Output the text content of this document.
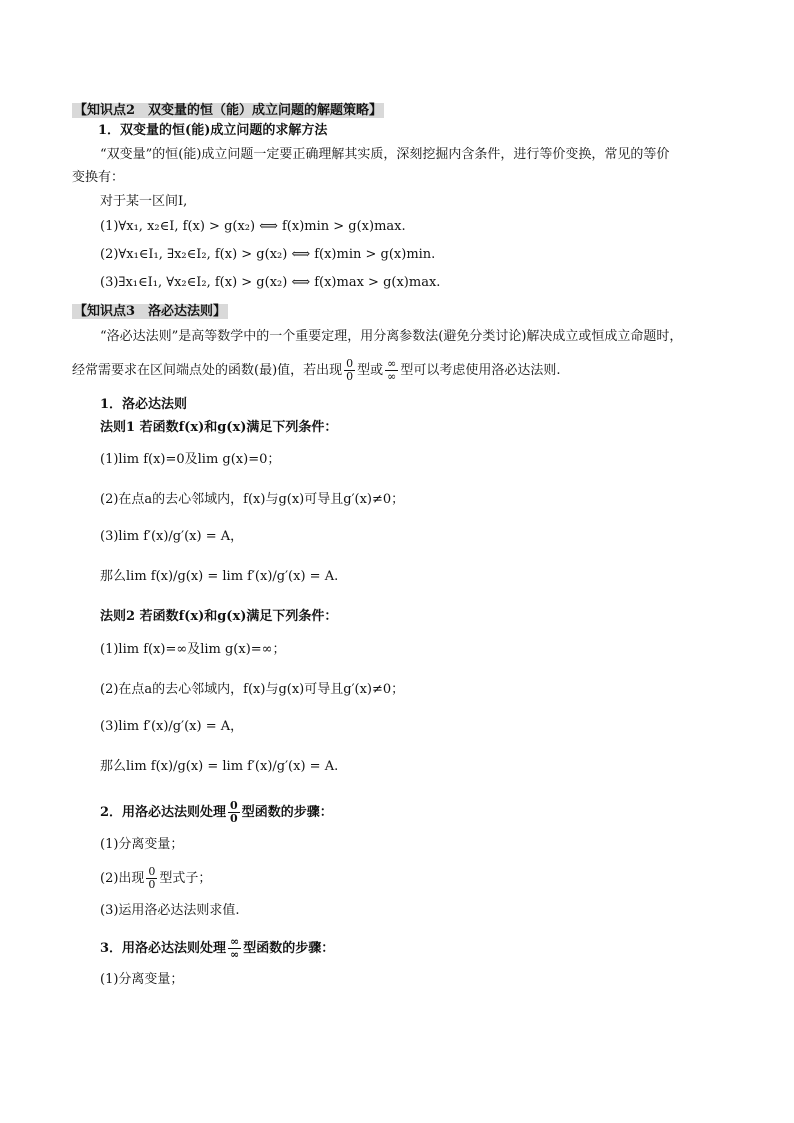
【知识点2　双变量的恒（能）成立问题的解题策略】
1．双变量的恒(能)成立问题的求解方法
“双变量”的恒(能)成立问题一定要正确理解其实质，深刻挖掘内含条件，进行等价变换，常见的等价
变换有：
对于某一区间I,
(1)∀x₁, x₂∈I, f(x) > g(x₂) ⟺ f(x)min > g(x)max.
(2)∀x₁∈I₁, ∃x₂∈I₂, f(x) > g(x₂) ⟺ f(x)min > g(x)min.
(3)∃x₁∈I₁, ∀x₂∈I₂, f(x) > g(x₂) ⟺ f(x)max > g(x)max.
【知识点3　洛必达法则】
“洛必达法则”是高等数学中的一个重要定理，用分离参数法(避免分类讨论)解决成立或恒成立命题时，
经常需要求在区间端点处的函数(最)值，若出现 $\frac{0}{0}$ 型或 $\frac{\infty}{\infty}$ 型可以考虑使用洛必达法则.
1．洛必达法则
法则1 若函数f(x)和g(x)满足下列条件：
(1)lim f(x)=0及lim g(x)=0；
(2)在点a的去心邻域内，f(x)与g(x)可导且g′(x)≠0；
(3)lim f′(x)/g′(x) = A，
那么lim f(x)/g(x) = lim f′(x)/g′(x) = A.
法则2 若函数f(x)和g(x)满足下列条件：
(1)lim f(x)=∞及lim g(x)=∞；
(2)在点a的去心邻域内，f(x)与g(x)可导且g′(x)≠0；
(3)lim f′(x)/g′(x) = A，
那么lim f(x)/g(x) = lim f′(x)/g′(x) = A.
2．用洛必达法则处理 $\frac{0}{0}$ 型函数的步骤：
(1)分离变量；
(2)出现 $\frac{0}{0}$ 型式子；
(3)运用洛必达法则求值.
3．用洛必达法则处理 $\frac{\infty}{\infty}$ 型函数的步骤：
(1)分离变量；
